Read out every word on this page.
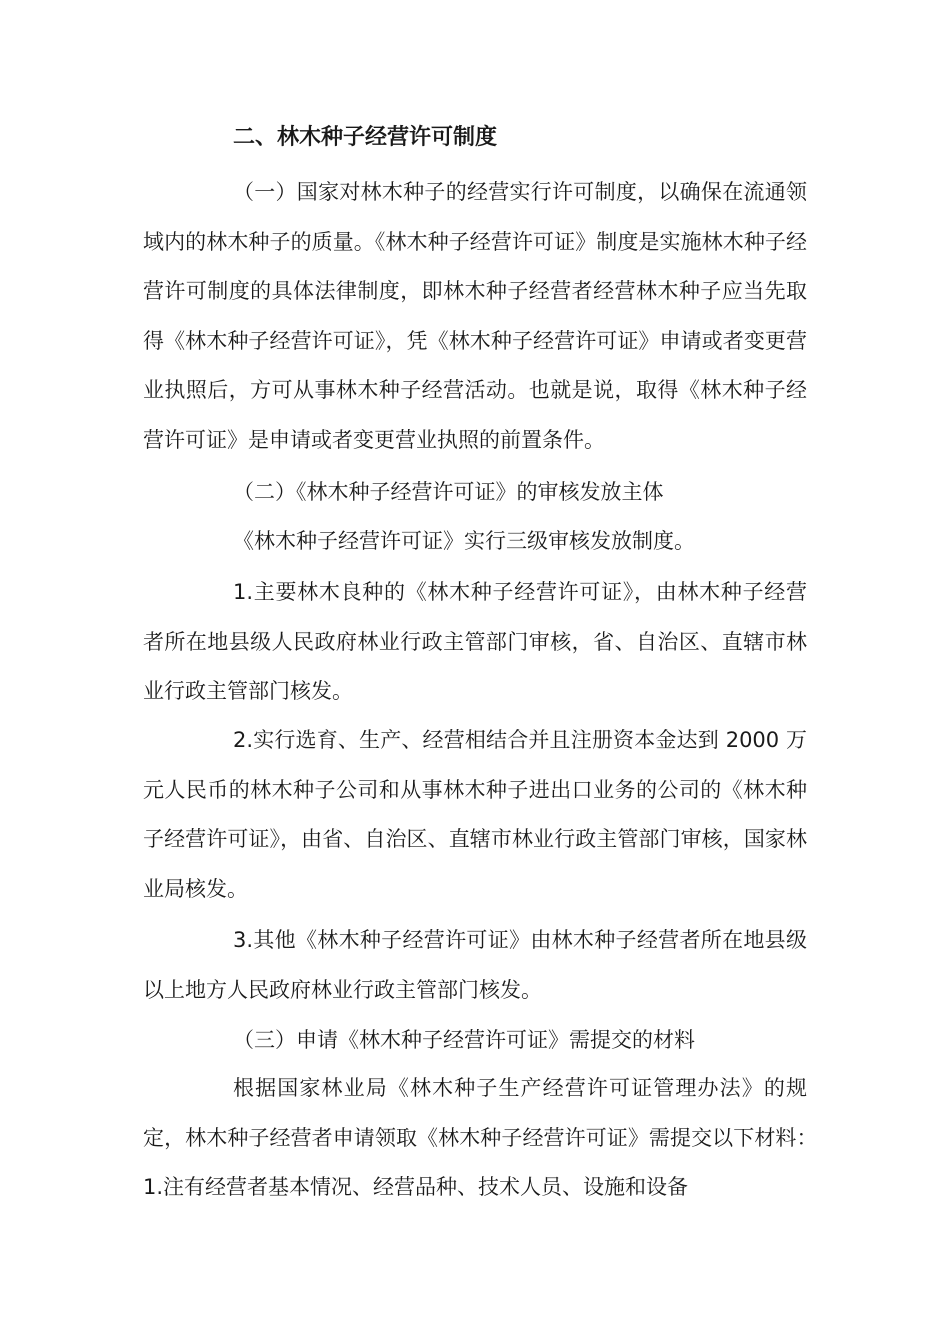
二、林木种子经营许可制度

（一）国家对林木种子的经营实行许可制度，以确保在流通领域内的林木种子的质量。《林木种子经营许可证》制度是实施林木种子经营许可制度的具体法律制度，即林木种子经营者经营林木种子应当先取得《林木种子经营许可证》，凭《林木种子经营许可证》申请或者变更营业执照后，方可从事林木种子经营活动。也就是说，取得《林木种子经营许可证》是申请或者变更营业执照的前置条件。

（二）《林木种子经营许可证》的审核发放主体

《林木种子经营许可证》实行三级审核发放制度。

1.主要林木良种的《林木种子经营许可证》，由林木种子经营者所在地县级人民政府林业行政主管部门审核，省、自治区、直辖市林业行政主管部门核发。

2.实行选育、生产、经营相结合并且注册资本金达到 2000 万元人民币的林木种子公司和从事林木种子进出口业务的公司的《林木种子经营许可证》，由省、自治区、直辖市林业行政主管部门审核，国家林业局核发。

3.其他《林木种子经营许可证》由林木种子经营者所在地县级以上地方人民政府林业行政主管部门核发。

（三）申请《林木种子经营许可证》需提交的材料

根据国家林业局《林木种子生产经营许可证管理办法》的规定，林木种子经营者申请领取《林木种子经营许可证》需提交以下材料：　　1.注有经营者基本情况、经营品种、技术人员、设施和设备
